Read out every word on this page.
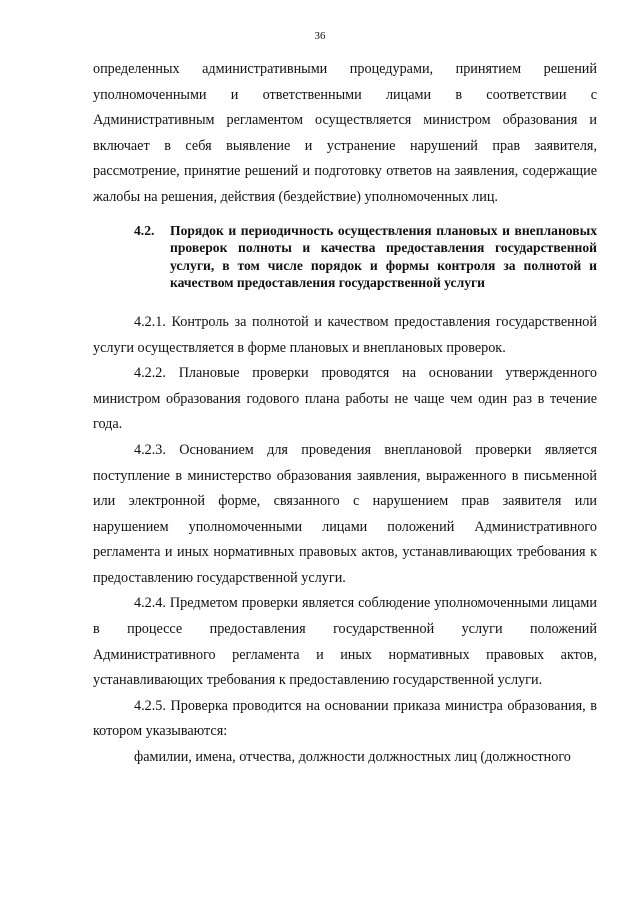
36

определенных административными процедурами, принятием решений уполномоченными и ответственными лицами в соответствии с Административным регламентом осуществляется министром образования и включает в себя выявление и устранение нарушений прав заявителя, рассмотрение, принятие решений и подготовку ответов на заявления, содержащие жалобы на решения, действия (бездействие) уполномоченных лиц.

4.2.	Порядок и периодичность осуществления плановых и внеплановых проверок полноты и качества предоставления государственной услуги, в том числе порядок и формы контроля за полнотой и качеством предоставления государственной услуги

4.2.1. Контроль за полнотой и качеством предоставления государственной услуги осуществляется в форме плановых и внеплановых проверок.

4.2.2. Плановые проверки проводятся на основании утвержденного министром образования годового плана работы не чаще чем один раз в течение года.

4.2.3. Основанием для проведения внеплановой проверки является поступление в министерство образования заявления, выраженного в письменной или электронной форме, связанного с нарушением прав заявителя или нарушением уполномоченными лицами положений Административного регламента и иных нормативных правовых актов, устанавливающих требования к предоставлению государственной услуги.

4.2.4. Предметом проверки является соблюдение уполномоченными лицами в процессе предоставления государственной услуги положений Административного регламента и иных нормативных правовых актов, устанавливающих требования к предоставлению государственной услуги.

4.2.5. Проверка проводится на основании приказа министра образования, в котором указываются:

фамилии, имена, отчества, должности должностных лиц (должностного
